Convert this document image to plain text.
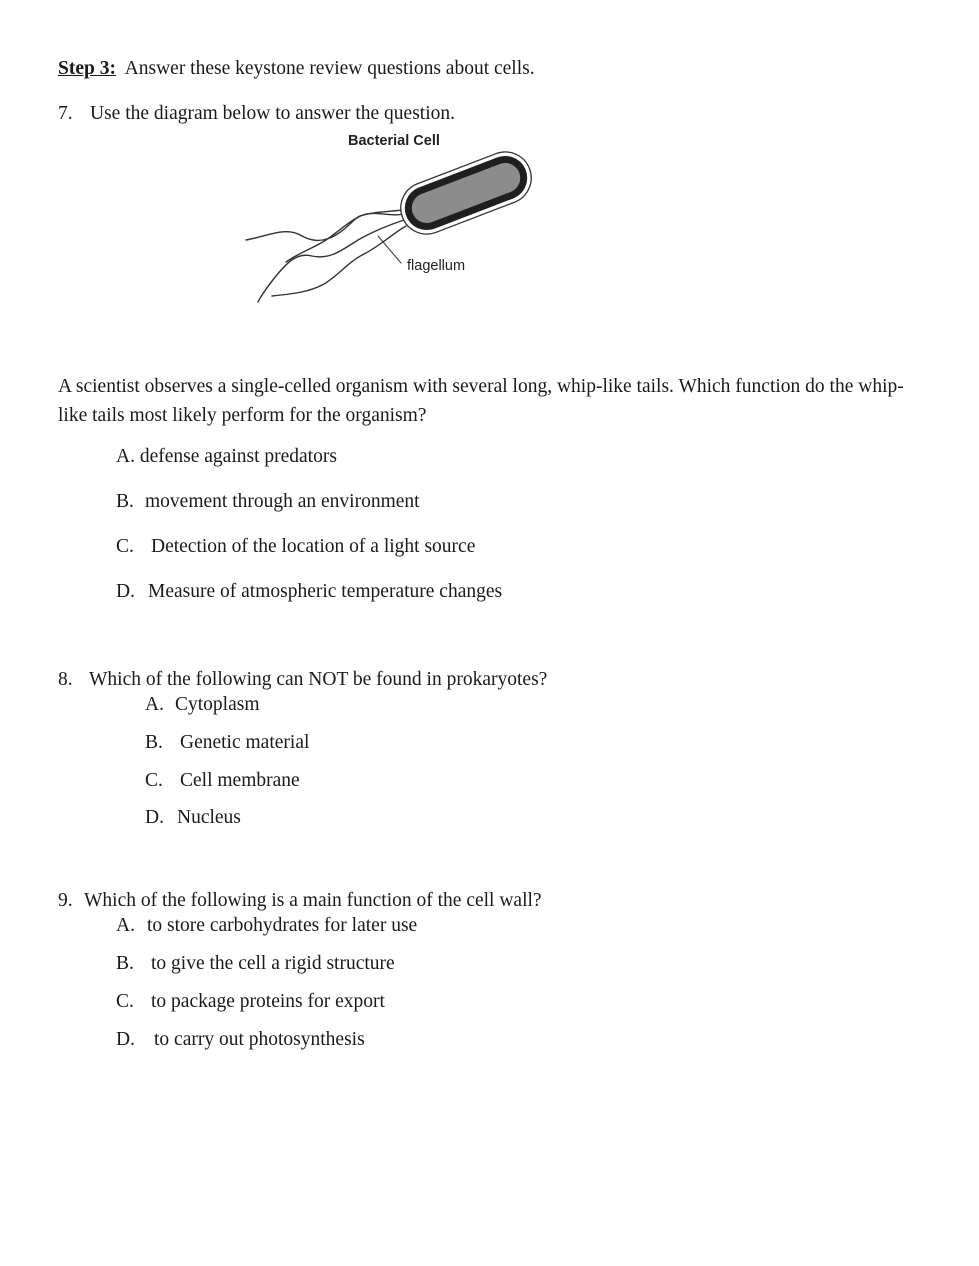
Step 3: Answer these keystone review questions about cells.
7. Use the diagram below to answer the question.
Bacterial Cell
flagellum
A scientist observes a single-celled organism with several long, whip-like tails. Which function do the whip-like tails most likely perform for the organism?
A. defense against predators
B. movement through an environment
C. Detection of the location of a light source
D. Measure of atmospheric temperature changes
8. Which of the following can NOT be found in prokaryotes?
A. Cytoplasm
B. Genetic material
C. Cell membrane
D. Nucleus
9. Which of the following is a main function of the cell wall?
A. to store carbohydrates for later use
B. to give the cell a rigid structure
C. to package proteins for export
D. to carry out photosynthesis
